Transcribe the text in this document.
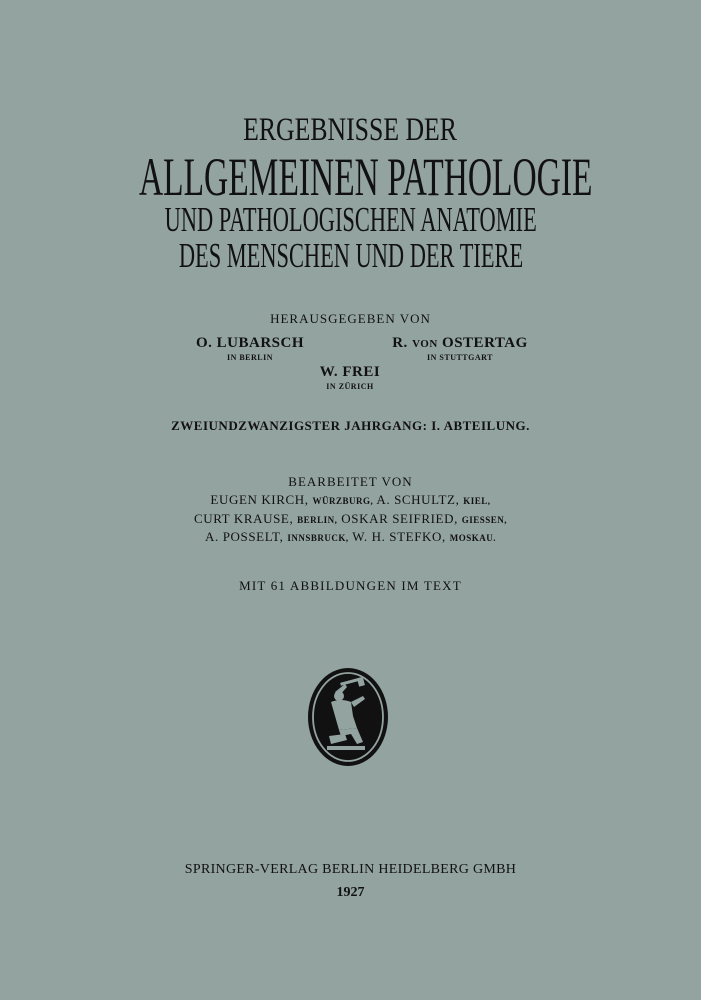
ERGEBNISSE DER
ALLGEMEINEN PATHOLOGIE
UND PATHOLOGISCHEN ANATOMIE
DES MENSCHEN UND DER TIERE
HERAUSGEGEBEN VON
O. LUBARSCH
IN BERLIN
R. VON OSTERTAG
IN STUTTGART
W. FREI
IN ZÜRICH
ZWEIUNDZWANZIGSTER JAHRGANG: I. ABTEILUNG.
BEARBEITET VON
EUGEN KIRCH, WÜRZBURG, A. SCHULTZ, KIEL,
CURT KRAUSE, BERLIN, OSKAR SEIFRIED, GIESSEN,
A. POSSELT, INNSBRUCK, W. H. STEFKO, MOSKAU.
MIT 61 ABBILDUNGEN IM TEXT
SPRINGER-VERLAG BERLIN HEIDELBERG GMBH
1927
